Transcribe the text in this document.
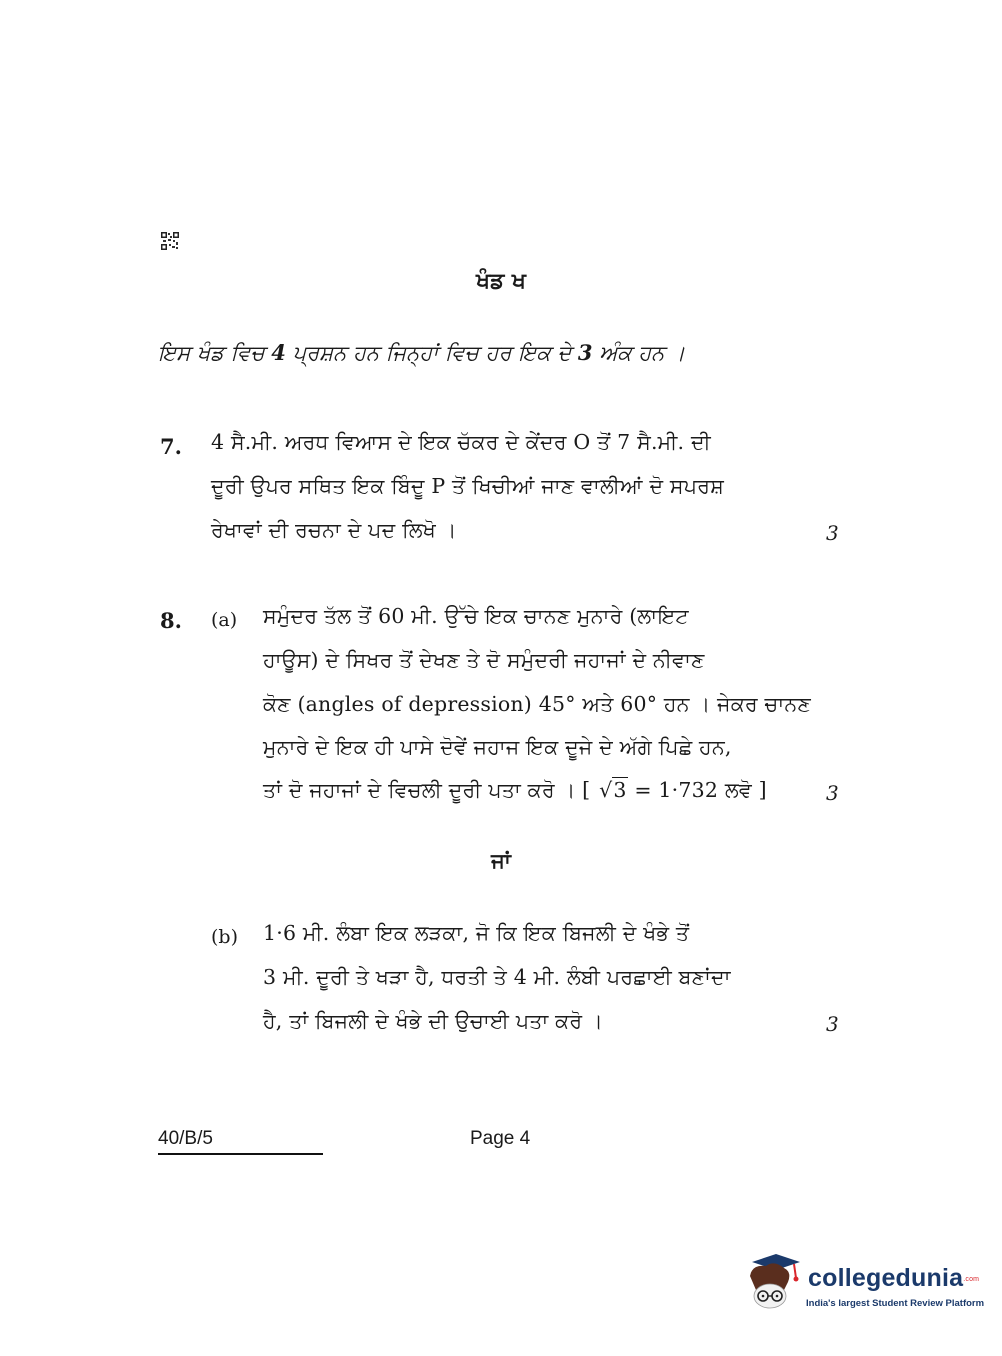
ਖੰਡ ਖ
ਇਸ ਖੰਡ ਵਿਚ 4 ਪ੍ਰਸ਼ਨ ਹਨ ਜਿਨ੍ਹਾਂ ਵਿਚ ਹਰ ਇਕ ਦੇ 3 ਅੰਕ ਹਨ ।
7. 4 ਸੈ.ਮੀ. ਅਰਧ ਵਿਆਸ ਦੇ ਇਕ ਚੱਕਰ ਦੇ ਕੇਂਦਰ O ਤੋਂ 7 ਸੈ.ਮੀ. ਦੀ
ਦੂਰੀ ਉਪਰ ਸਥਿਤ ਇਕ ਬਿੰਦੂ P ਤੋਂ ਖਿਚੀਆਂ ਜਾਣ ਵਾਲੀਆਂ ਦੋ ਸਪਰਸ਼
ਰੇਖਾਵਾਂ ਦੀ ਰਚਨਾ ਦੇ ਪਦ ਲਿਖੋ ।	3
8. (a) ਸਮੁੰਦਰ ਤੱਲ ਤੋਂ 60 ਮੀ. ਉੱਚੇ ਇਕ ਚਾਨਣ ਮੁਨਾਰੇ (ਲਾਇਟ
ਹਾਊਸ) ਦੇ ਸਿਖਰ ਤੋਂ ਦੇਖਣ ਤੇ ਦੋ ਸਮੁੰਦਰੀ ਜਹਾਜਾਂ ਦੇ ਨੀਵਾਣ
ਕੋਣ (angles of depression) 45° ਅਤੇ 60° ਹਨ । ਜੇਕਰ ਚਾਨਣ
ਮੁਨਾਰੇ ਦੇ ਇਕ ਹੀ ਪਾਸੇ ਦੋਵੇਂ ਜਹਾਜ ਇਕ ਦੂਜੇ ਦੇ ਅੱਗੇ ਪਿਛੇ ਹਨ,
ਤਾਂ ਦੋ ਜਹਾਜਾਂ ਦੇ ਵਿਚਲੀ ਦੂਰੀ ਪਤਾ ਕਰੋ । [ √3 = 1·732 ਲਵੋ ]	3
ਜਾਂ
(b) 1·6 ਮੀ. ਲੰਬਾ ਇਕ ਲੜਕਾ, ਜੋ ਕਿ ਇਕ ਬਿਜਲੀ ਦੇ ਖੰਭੇ ਤੋਂ
3 ਮੀ. ਦੂਰੀ ਤੇ ਖੜਾ ਹੈ, ਧਰਤੀ ਤੇ 4 ਮੀ. ਲੰਬੀ ਪਰਛਾਈ ਬਣਾਂਦਾ
ਹੈ, ਤਾਂ ਬਿਜਲੀ ਦੇ ਖੰਭੇ ਦੀ ਉਚਾਈ ਪਤਾ ਕਰੋ ।	3
40/B/5	Page 4
collegedunia.com
India's largest Student Review Platform
